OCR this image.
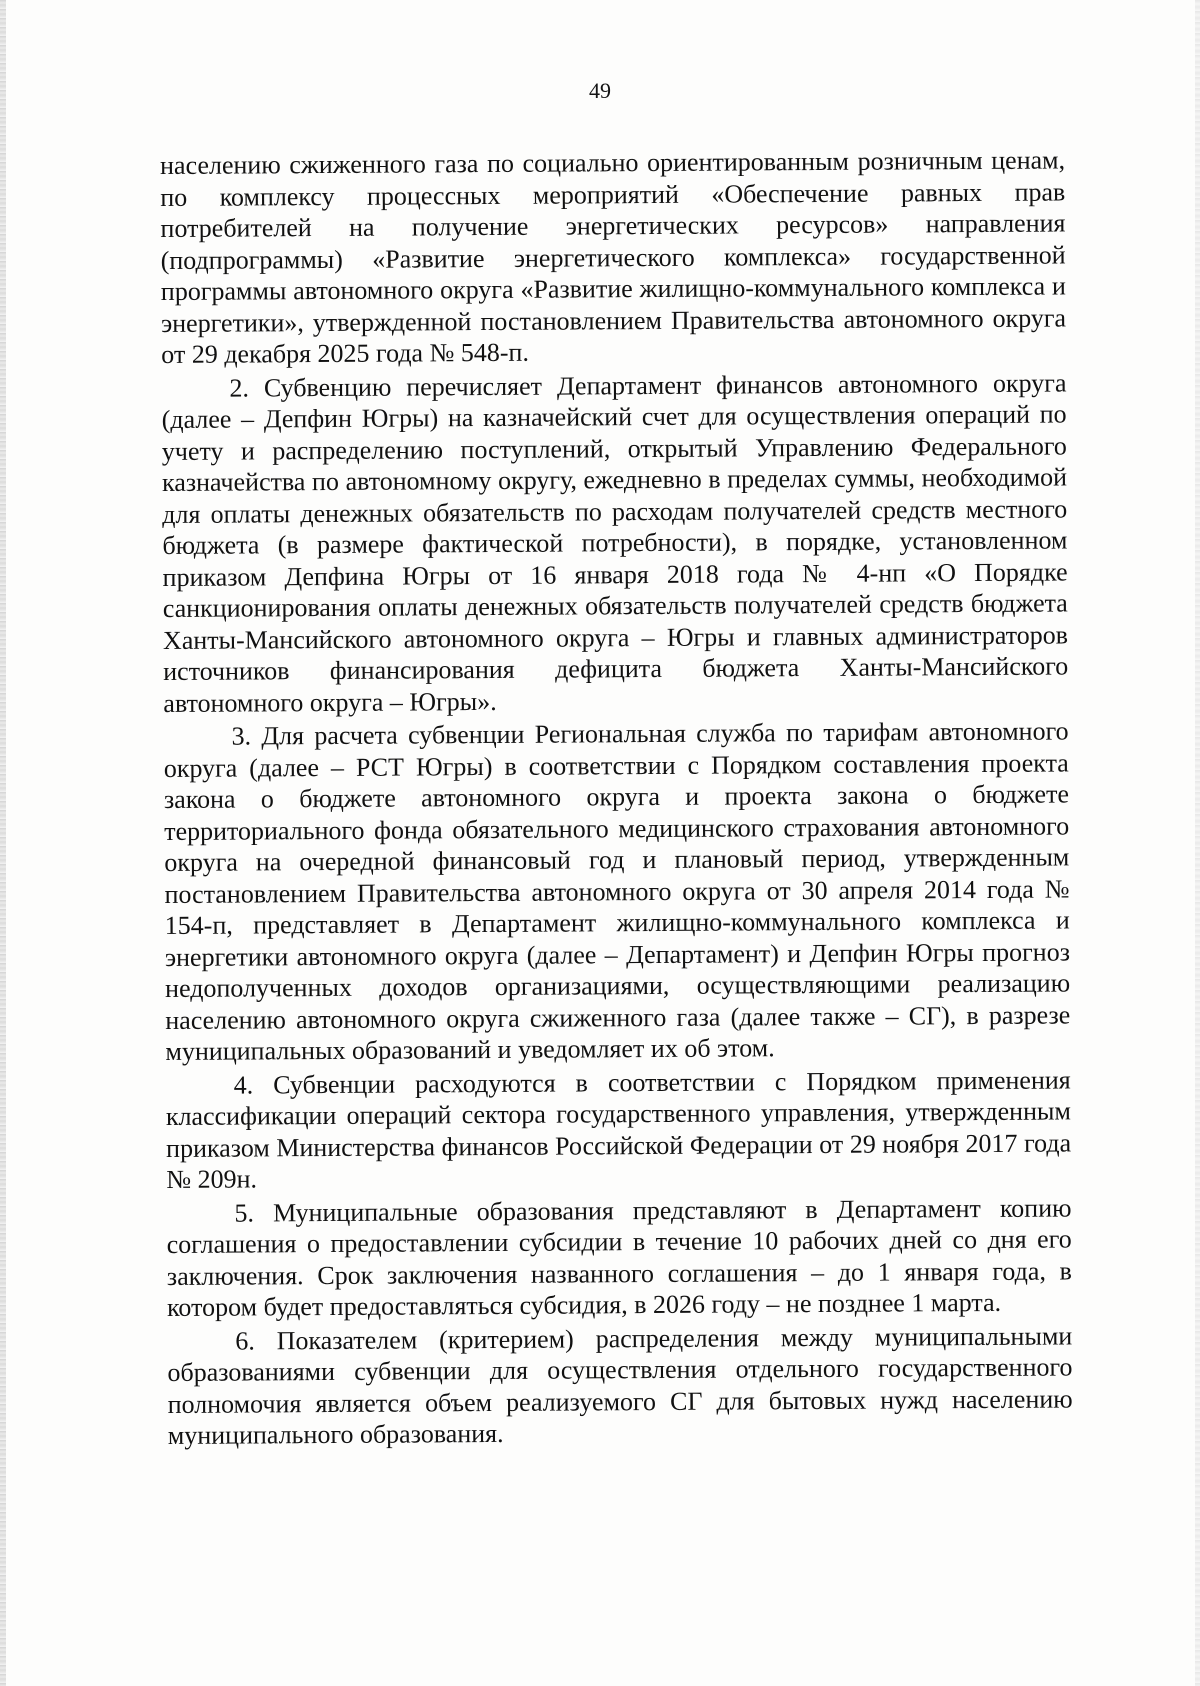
49

населению сжиженного газа по социально ориентированным розничным ценам, по комплексу процессных мероприятий «Обеспечение равных прав потребителей на получение энергетических ресурсов» направления (подпрограммы) «Развитие энергетического комплекса» государственной программы автономного округа «Развитие жилищно-коммунального комплекса и энергетики», утвержденной постановлением Правительства автономного округа от 29 декабря 2025 года № 548-п.

2. Субвенцию перечисляет Департамент финансов автономного округа (далее – Депфин Югры) на казначейский счет для осуществления операций по учету и распределению поступлений, открытый Управлению Федерального казначейства по автономному округу, ежедневно в пределах суммы, необходимой для оплаты денежных обязательств по расходам получателей средств местного бюджета (в размере фактической потребности), в порядке, установленном приказом Депфина Югры от 16 января 2018 года № 4-нп «О Порядке санкционирования оплаты денежных обязательств получателей средств бюджета Ханты-Мансийского автономного округа – Югры и главных администраторов источников финансирования дефицита бюджета Ханты-Мансийского автономного округа – Югры».

3. Для расчета субвенции Региональная служба по тарифам автономного округа (далее – РСТ Югры) в соответствии с Порядком составления проекта закона о бюджете автономного округа и проекта закона о бюджете территориального фонда обязательного медицинского страхования автономного округа на очередной финансовый год и плановый период, утвержденным постановлением Правительства автономного округа от 30 апреля 2014 года № 154-п, представляет в Департамент жилищно-коммунального комплекса и энергетики автономного округа (далее – Департамент) и Депфин Югры прогноз недополученных доходов организациями, осуществляющими реализацию населению автономного округа сжиженного газа (далее также – СГ), в разрезе муниципальных образований и уведомляет их об этом.

4. Субвенции расходуются в соответствии с Порядком применения классификации операций сектора государственного управления, утвержденным приказом Министерства финансов Российской Федерации от 29 ноября 2017 года № 209н.

5. Муниципальные образования представляют в Департамент копию соглашения о предоставлении субсидии в течение 10 рабочих дней со дня его заключения. Срок заключения названного соглашения – до 1 января года, в котором будет предоставляться субсидия, в 2026 году – не позднее 1 марта.

6. Показателем (критерием) распределения между муниципальными образованиями субвенции для осуществления отдельного государственного полномочия является объем реализуемого СГ для бытовых нужд населению муниципального образования.
